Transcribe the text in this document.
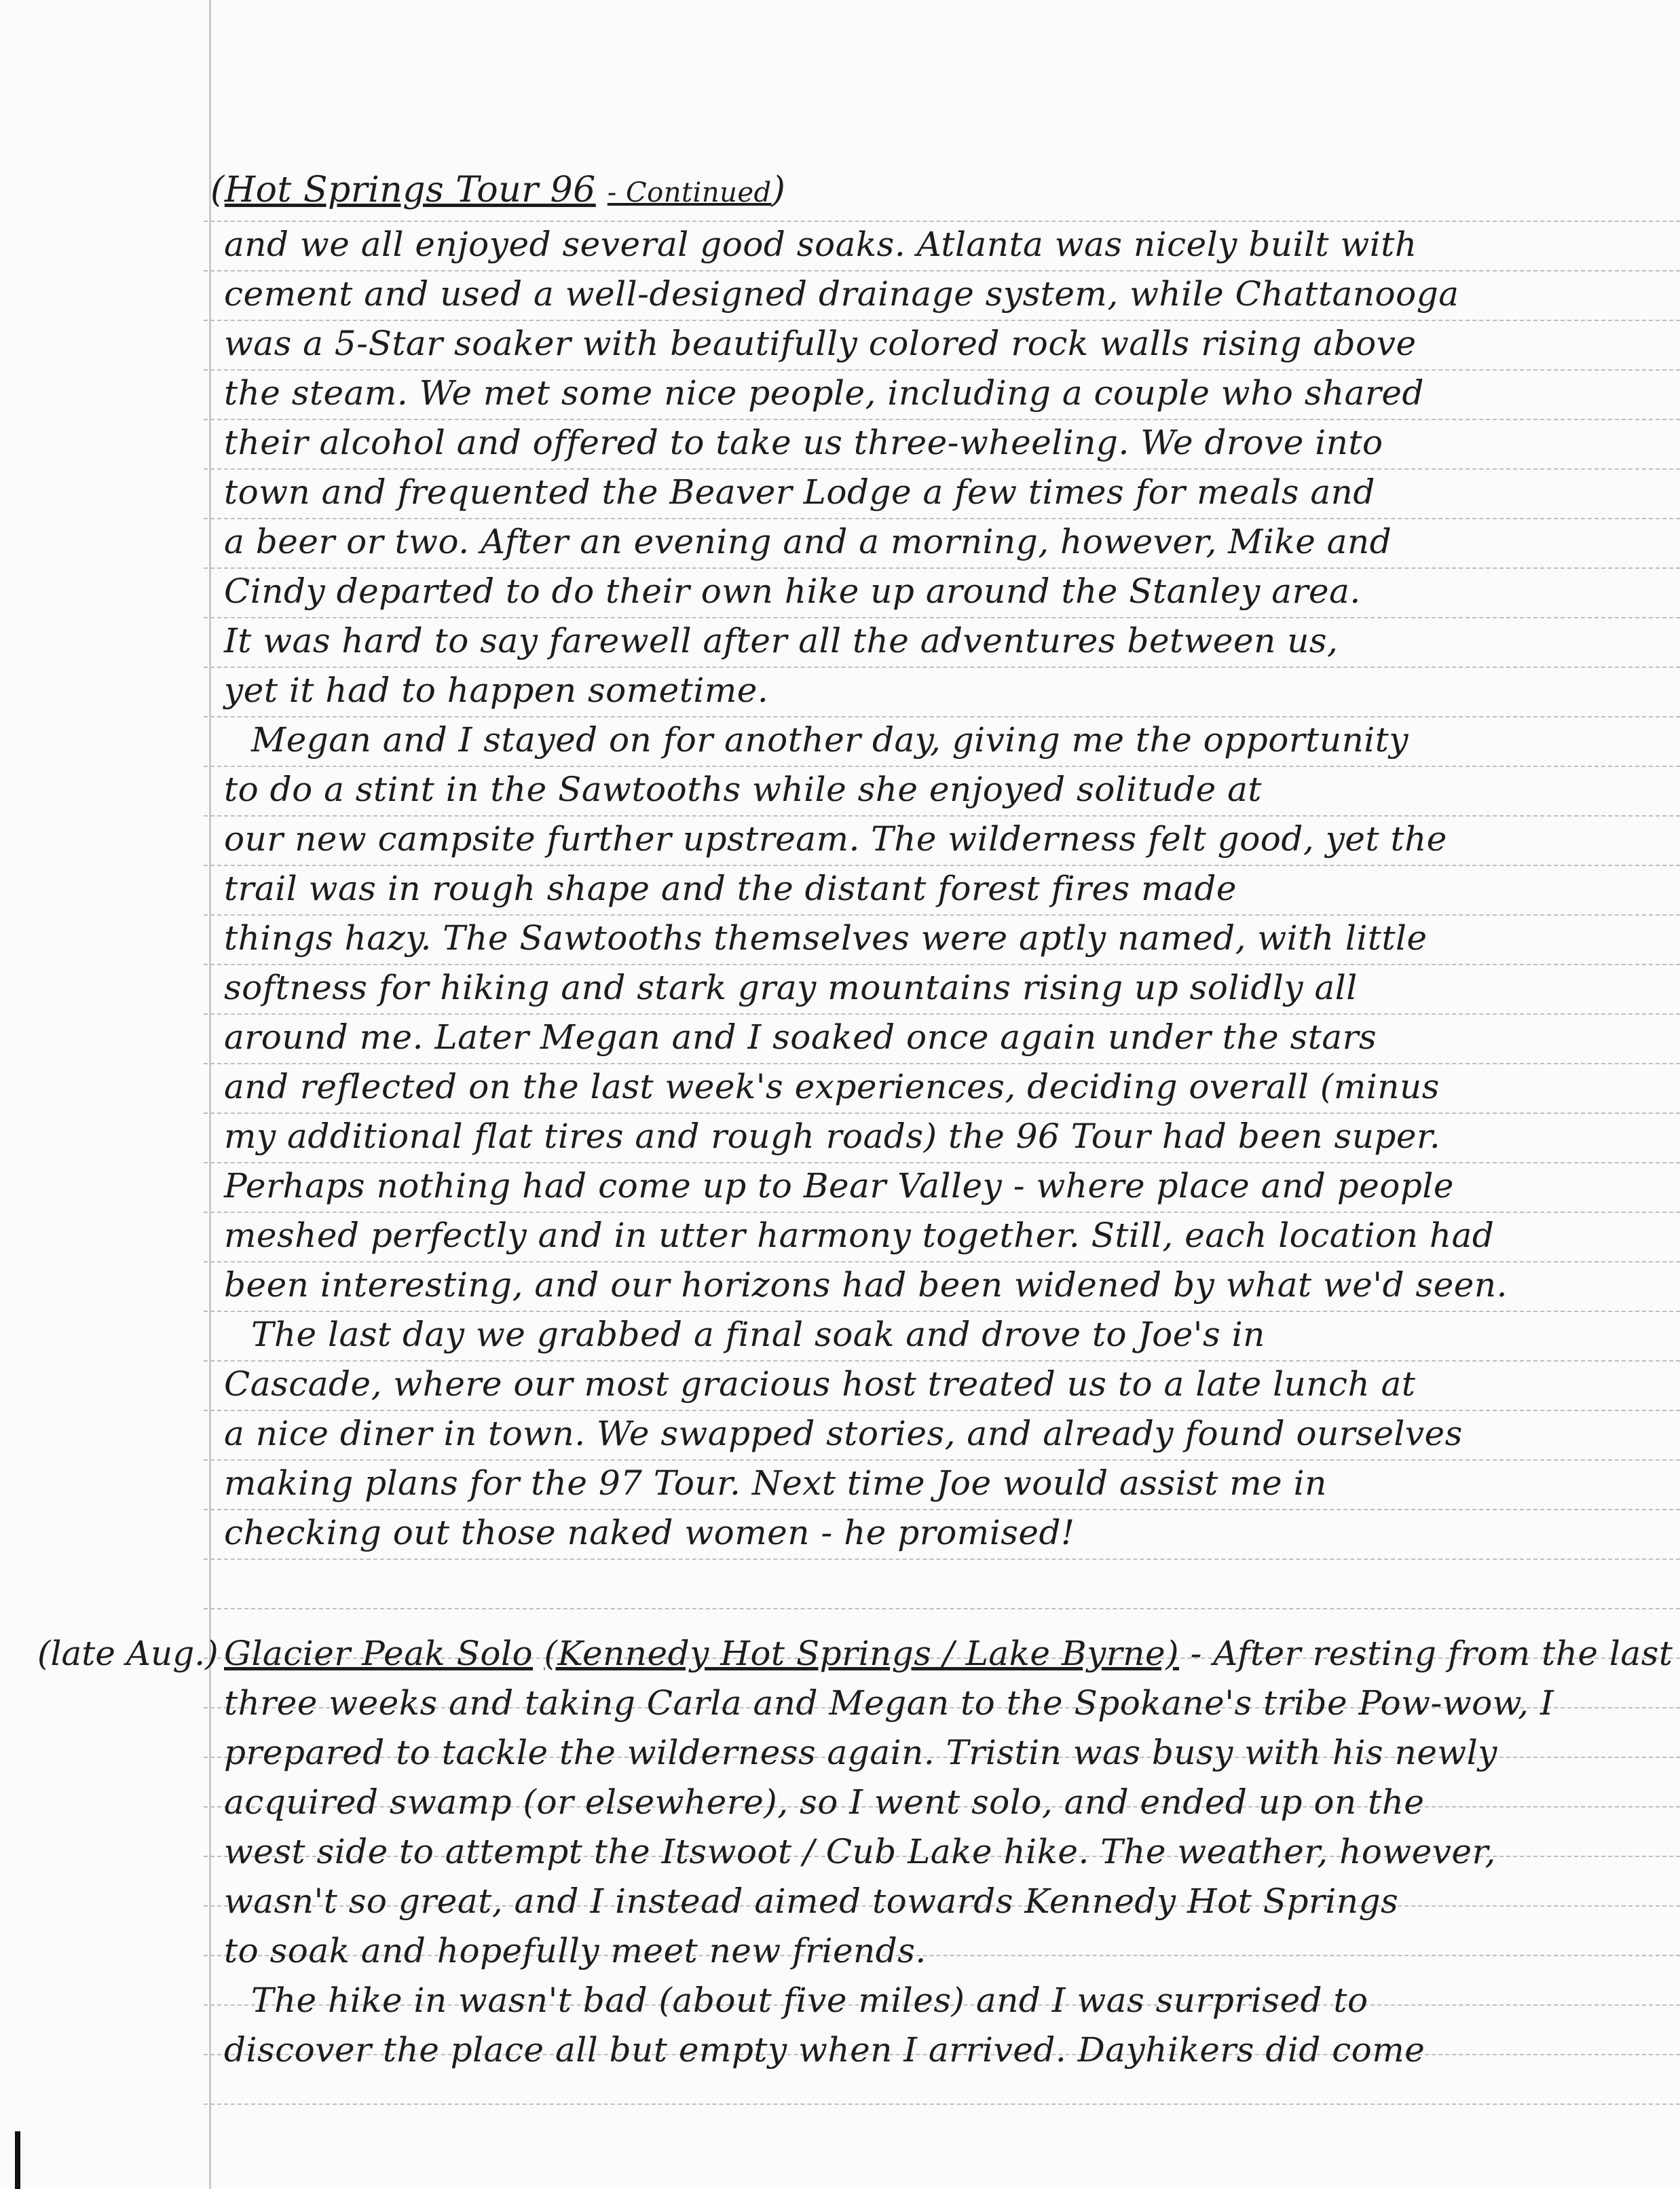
(Hot Springs Tour 96 - Continued)
and we all enjoyed several good soaks. Atlanta was nicely built with
cement and used a well-designed drainage system, while Chattanooga
was a 5-Star soaker with beautifully colored rock walls rising above
the steam. We met some nice people, including a couple who shared
their alcohol and offered to take us three-wheeling. We drove into
town and frequented the Beaver Lodge a few times for meals and
a beer or two. After an evening and a morning, however, Mike and
Cindy departed to do their own hike up around the Stanley area.
It was hard to say farewell after all the adventures between us,
yet it had to happen sometime.
Megan and I stayed on for another day, giving me the opportunity
to do a stint in the Sawtooths while she enjoyed solitude at
our new campsite further upstream. The wilderness felt good, yet the
trail was in rough shape and the distant forest fires made
things hazy. The Sawtooths themselves were aptly named, with little
softness for hiking and stark gray mountains rising up solidly all
around me. Later Megan and I soaked once again under the stars
and reflected on the last week's experiences, deciding overall (minus
my additional flat tires and rough roads) the 96 Tour had been super.
Perhaps nothing had come up to Bear Valley - where place and people
meshed perfectly and in utter harmony together. Still, each location had
been interesting, and our horizons had been widened by what we'd seen.
The last day we grabbed a final soak and drove to Joe's in
Cascade, where our most gracious host treated us to a late lunch at
a nice diner in town. We swapped stories, and already found ourselves
making plans for the 97 Tour. Next time Joe would assist me in
checking out those naked women - he promised!
(late Aug.) Glacier Peak Solo (Kennedy Hot Springs / Lake Byrne) - After resting from the last
three weeks and taking Carla and Megan to the Spokane's tribe Pow-wow, I
prepared to tackle the wilderness again. Tristin was busy with his newly
acquired swamp (or elsewhere), so I went solo, and ended up on the
west side to attempt the Itswoot / Cub Lake hike. The weather, however,
wasn't so great, and I instead aimed towards Kennedy Hot Springs
to soak and hopefully meet new friends.
The hike in wasn't bad (about five miles) and I was surprised to
discover the place all but empty when I arrived. Dayhikers did come
